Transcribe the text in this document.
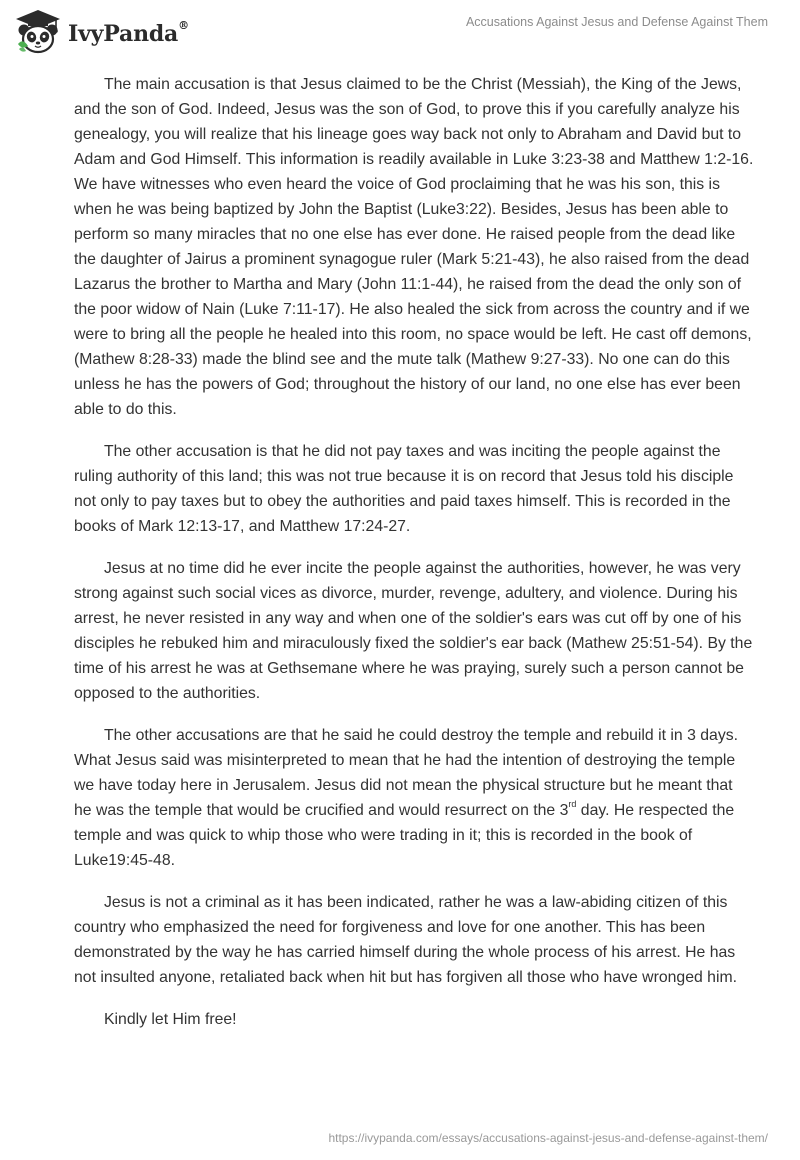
IvyPanda®	Accusations Against Jesus and Defense Against Them

The main accusation is that Jesus claimed to be the Christ (Messiah), the King of the Jews, and the son of God. Indeed, Jesus was the son of God, to prove this if you carefully analyze his genealogy, you will realize that his lineage goes way back not only to Abraham and David but to Adam and God Himself. This information is readily available in Luke 3:23-38 and Matthew 1:2-16. We have witnesses who even heard the voice of God proclaiming that he was his son, this is when he was being baptized by John the Baptist (Luke3:22). Besides, Jesus has been able to perform so many miracles that no one else has ever done. He raised people from the dead like the daughter of Jairus a prominent synagogue ruler (Mark 5:21-43), he also raised from the dead Lazarus the brother to Martha and Mary (John 11:1-44), he raised from the dead the only son of the poor widow of Nain (Luke 7:11-17). He also healed the sick from across the country and if we were to bring all the people he healed into this room, no space would be left. He cast off demons,(Mathew 8:28-33) made the blind see and the mute talk (Mathew 9:27-33). No one can do this unless he has the powers of God; throughout the history of our land, no one else has ever been able to do this.

The other accusation is that he did not pay taxes and was inciting the people against the ruling authority of this land; this was not true because it is on record that Jesus told his disciple not only to pay taxes but to obey the authorities and paid taxes himself. This is recorded in the books of Mark 12:13-17, and Matthew 17:24-27.

Jesus at no time did he ever incite the people against the authorities, however, he was very strong against such social vices as divorce, murder, revenge, adultery, and violence. During his arrest, he never resisted in any way and when one of the soldier's ears was cut off by one of his disciples he rebuked him and miraculously fixed the soldier's ear back (Mathew 25:51-54). By the time of his arrest he was at Gethsemane where he was praying, surely such a person cannot be opposed to the authorities.

The other accusations are that he said he could destroy the temple and rebuild it in 3 days. What Jesus said was misinterpreted to mean that he had the intention of destroying the temple we have today here in Jerusalem. Jesus did not mean the physical structure but he meant that he was the temple that would be crucified and would resurrect on the 3rd day. He respected the temple and was quick to whip those who were trading in it; this is recorded in the book of Luke19:45-48.

Jesus is not a criminal as it has been indicated, rather he was a law-abiding citizen of this country who emphasized the need for forgiveness and love for one another. This has been demonstrated by the way he has carried himself during the whole process of his arrest. He has not insulted anyone, retaliated back when hit but has forgiven all those who have wronged him.

Kindly let Him free!

https://ivypanda.com/essays/accusations-against-jesus-and-defense-against-them/
